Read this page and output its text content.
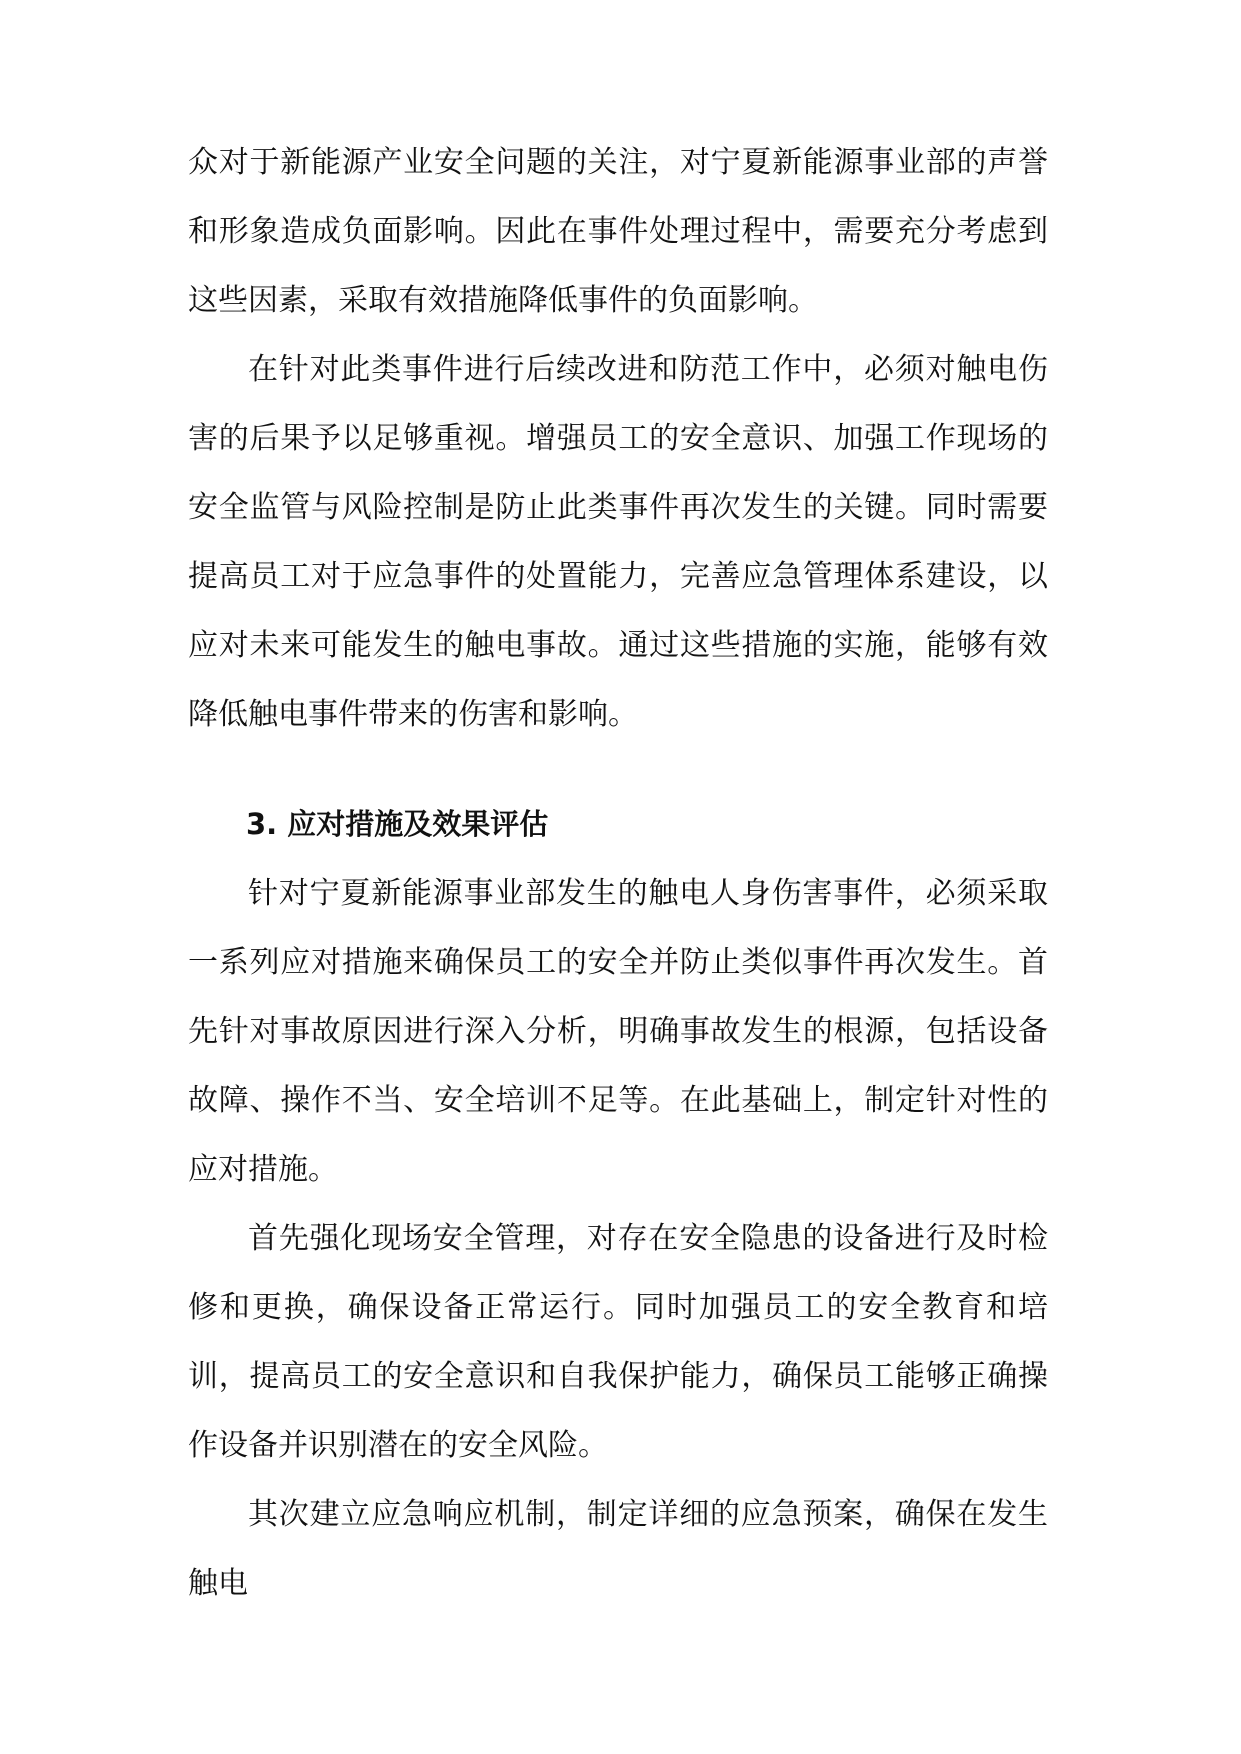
众对于新能源产业安全问题的关注，对宁夏新能源事业部的声誉和形象造成负面影响。因此在事件处理过程中，需要充分考虑到这些因素，采取有效措施降低事件的负面影响。

在针对此类事件进行后续改进和防范工作中，必须对触电伤害的后果予以足够重视。增强员工的安全意识、加强工作现场的安全监管与风险控制是防止此类事件再次发生的关键。同时需要提高员工对于应急事件的处置能力，完善应急管理体系建设，以应对未来可能发生的触电事故。通过这些措施的实施，能够有效降低触电事件带来的伤害和影响。

3. 应对措施及效果评估

针对宁夏新能源事业部发生的触电人身伤害事件，必须采取一系列应对措施来确保员工的安全并防止类似事件再次发生。首先针对事故原因进行深入分析，明确事故发生的根源，包括设备故障、操作不当、安全培训不足等。在此基础上，制定针对性的应对措施。

首先强化现场安全管理，对存在安全隐患的设备进行及时检修和更换，确保设备正常运行。同时加强员工的安全教育和培训，提高员工的安全意识和自我保护能力，确保员工能够正确操作设备并识别潜在的安全风险。

其次建立应急响应机制，制定详细的应急预案，确保在发生触电
